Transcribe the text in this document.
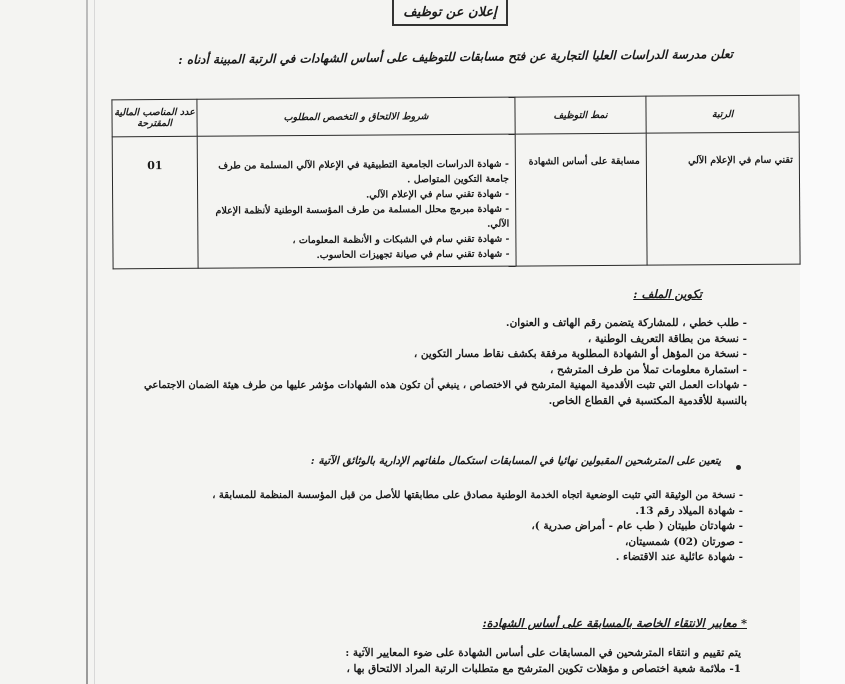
إعلان عن توظيف
تعلن مدرسة الدراسات العليا التجارية عن فتح مسابقات للتوظيف على أساس الشهادات في الرتبة المبينة أدناه :
الرتبة	نمط التوظيف	شروط الالتحاق و التخصص المطلوب	عدد المناصب المالية المقترحة
تقني سام في الإعلام الآلي	مسابقة على أساس الشهادة	- شهادة الدراسات الجامعية التطبيقية في الإعلام الآلي المسلمة من طرف جامعة التكوين المتواصل .
- شهادة تقني سام في الإعلام الآلي.
- شهادة مبرمج محلل المسلمة من طرف المؤسسة الوطنية لأنظمة الإعلام الآلي.
- شهادة تقني سام في الشبكات و الأنظمة المعلومات ،
- شهادة تقني سام في صيانة تجهيزات الحاسوب.	01
تكوين الملف :
- طلب خطي ، للمشاركة يتضمن رقم الهاتف و العنوان.
- نسخة من بطاقة التعريف الوطنية ،
- نسخة من المؤهل أو الشهادة المطلوبة مرفقة بكشف نقاط مسار التكوين ،
- استمارة معلومات تملأ من طرف المترشح ،
- شهادات العمل التي تثبت الأقدمية المهنية المترشح في الاختصاص ، ينبغي أن تكون هذه الشهادات مؤشر عليها من طرف هيئة الضمان الاجتماعي
بالنسبة للأقدمية المكتسبة في القطاع الخاص.
يتعين على المترشحين المقبولين نهائيا في المسابقات استكمال ملفاتهم الإدارية بالوثائق الآتية :
- نسخة من الوثيقة التي تثبت الوضعية اتجاه الخدمة الوطنية مصادق على مطابقتها للأصل من قبل المؤسسة المنظمة للمسابقة ،
- شهادة الميلاد رقم 13.
- شهادتان طبيتان ( طب عام - أمراض صدرية )،
- صورتان (02) شمسيتان،
- شهادة عائلية عند الاقتضاء .
* معايير الانتقاء الخاصة بالمسابقة على أساس الشهادة:
يتم تقييم و انتقاء المترشحين في المسابقات على أساس الشهادة على ضوء المعايير الآتية :
1- ملائمة شعبة اختصاص و مؤهلات تكوين المترشح مع متطلبات الرتبة المراد الالتحاق بها ،
